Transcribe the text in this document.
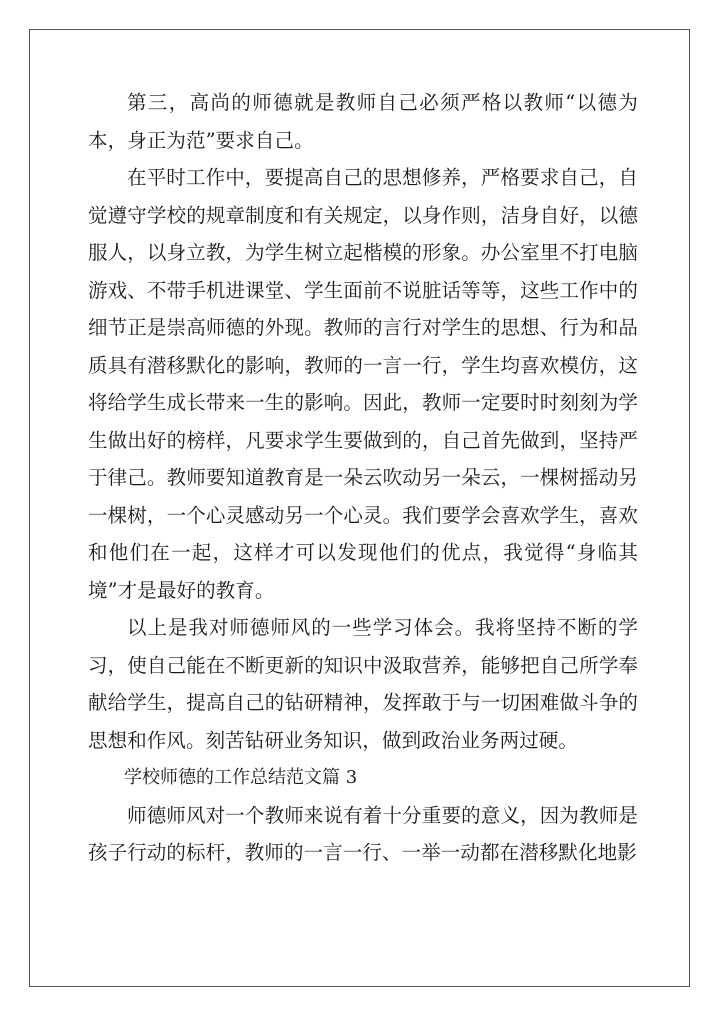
第三，高尚的师德就是教师自己必须严格以教师“以德为本，身正为范”要求自己。

在平时工作中，要提高自己的思想修养，严格要求自己，自觉遵守学校的规章制度和有关规定，以身作则，洁身自好，以德服人，以身立教，为学生树立起楷模的形象。办公室里不打电脑游戏、不带手机进课堂、学生面前不说脏话等等，这些工作中的细节正是崇高师德的外现。教师的言行对学生的思想、行为和品质具有潜移默化的影响，教师的一言一行，学生均喜欢模仿，这将给学生成长带来一生的影响。因此，教师一定要时时刻刻为学生做出好的榜样，凡要求学生要做到的，自己首先做到，坚持严于律己。教师要知道教育是一朵云吹动另一朵云，一棵树摇动另一棵树，一个心灵感动另一个心灵。我们要学会喜欢学生，喜欢和他们在一起，这样才可以发现他们的优点，我觉得“身临其境”才是最好的教育。

以上是我对师德师风的一些学习体会。我将坚持不断的学习，使自己能在不断更新的知识中汲取营养，能够把自己所学奉献给学生，提高自己的钻研精神，发挥敢于与一切困难做斗争的思想和作风。刻苦钻研业务知识，做到政治业务两过硬。

学校师德的工作总结范文篇 3

师德师风对一个教师来说有着十分重要的意义，因为教师是孩子行动的标杆，教师的一言一行、一举一动都在潜移默化地影
